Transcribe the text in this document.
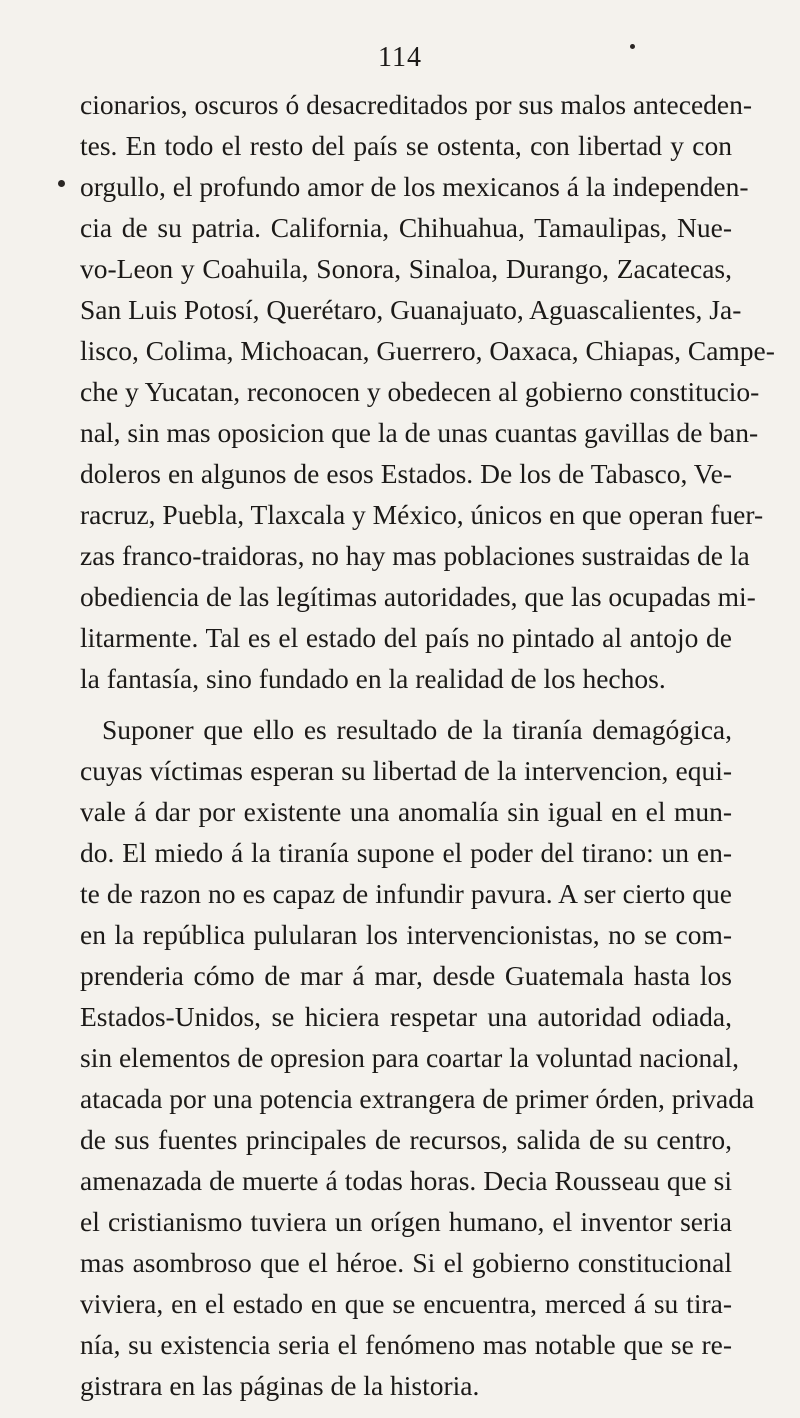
114
cionarios, oscuros ó desacreditados por sus malos anteceden-
tes. En todo el resto del país se ostenta, con libertad y con
orgullo, el profundo amor de los mexicanos á la independen-
cia de su patria. California, Chihuahua, Tamaulipas, Nue-
vo-Leon y Coahuila, Sonora, Sinaloa, Durango, Zacatecas,
San Luis Potosí, Querétaro, Guanajuato, Aguascalientes, Ja-
lisco, Colima, Michoacan, Guerrero, Oaxaca, Chiapas, Campe-
che y Yucatan, reconocen y obedecen al gobierno constitucio-
nal, sin mas oposicion que la de unas cuantas gavillas de ban-
doleros en algunos de esos Estados. De los de Tabasco, Ve-
racruz, Puebla, Tlaxcala y México, únicos en que operan fuer-
zas franco-traidoras, no hay mas poblaciones sustraidas de la
obediencia de las legítimas autoridades, que las ocupadas mi-
litarmente. Tal es el estado del país no pintado al antojo de
la fantasía, sino fundado en la realidad de los hechos.
Suponer que ello es resultado de la tiranía demagógica,
cuyas víctimas esperan su libertad de la intervencion, equi-
vale á dar por existente una anomalía sin igual en el mun-
do. El miedo á la tiranía supone el poder del tirano: un en-
te de razon no es capaz de infundir pavura. A ser cierto que
en la república pulularan los intervencionistas, no se com-
prenderia cómo de mar á mar, desde Guatemala hasta los
Estados-Unidos, se hiciera respetar una autoridad odiada,
sin elementos de opresion para coartar la voluntad nacional,
atacada por una potencia extrangera de primer órden, privada
de sus fuentes principales de recursos, salida de su centro,
amenazada de muerte á todas horas. Decia Rousseau que si
el cristianismo tuviera un orígen humano, el inventor seria
mas asombroso que el héroe. Si el gobierno constitucional
viviera, en el estado en que se encuentra, merced á su tira-
nía, su existencia seria el fenómeno mas notable que se re-
gistrara en las páginas de la historia.
